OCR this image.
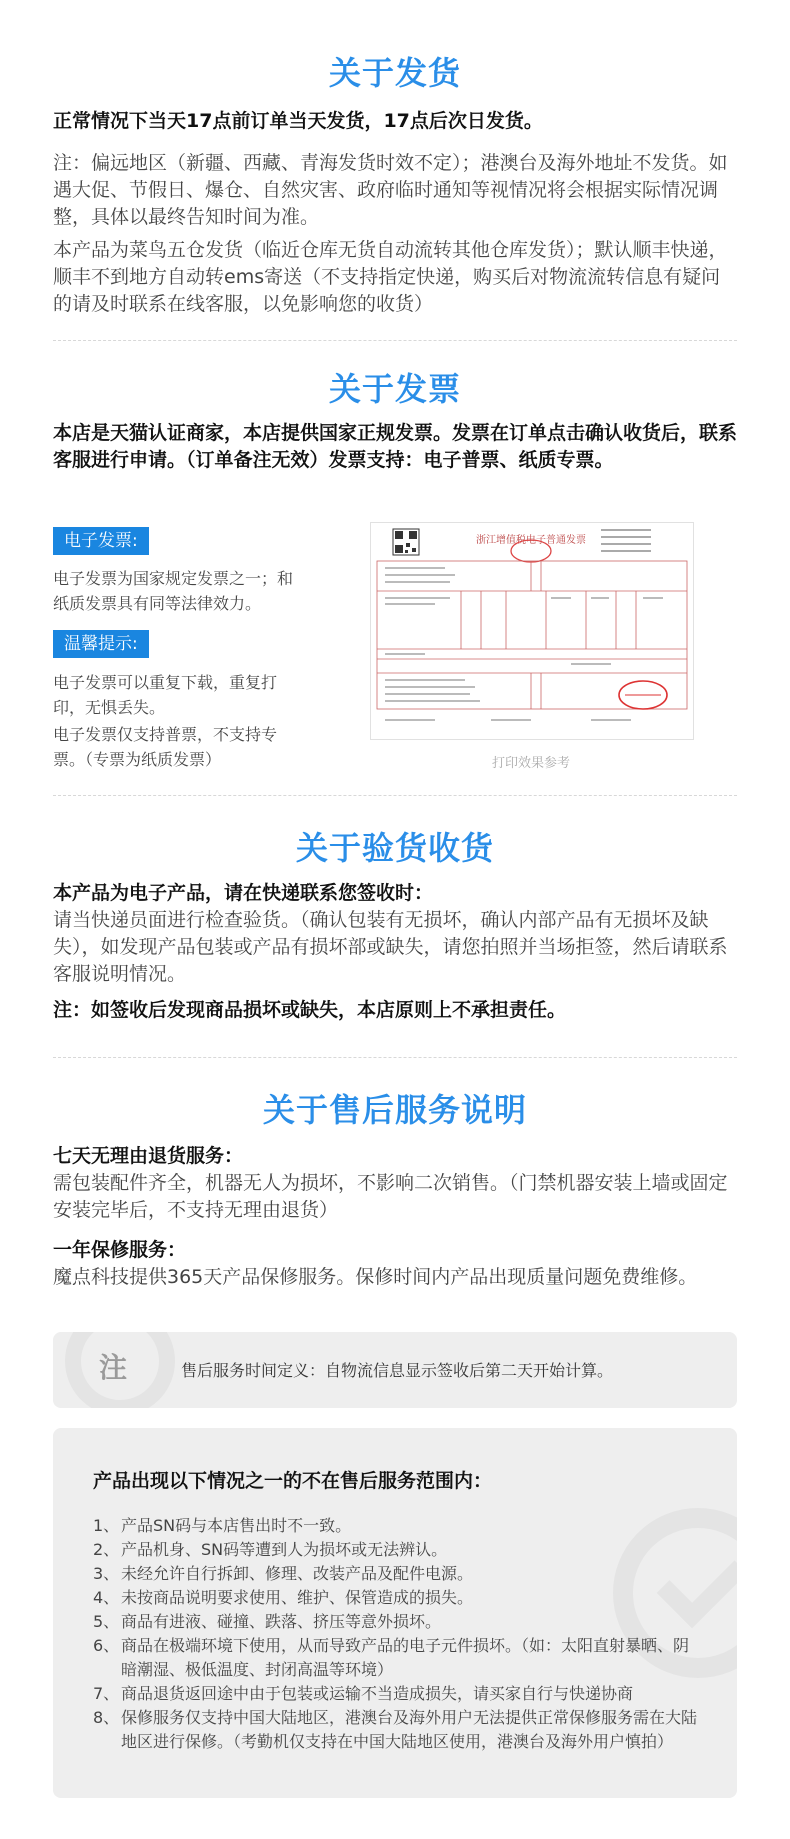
关于发货
正常情况下当天17点前订单当天发货，17点后次日发货。
注：偏远地区（新疆、西藏、青海发货时效不定）；港澳台及海外地址不发货。如遇大促、节假日、爆仓、自然灾害、政府临时通知等视情况将会根据实际情况调整，具体以最终告知时间为准。
本产品为菜鸟五仓发货（临近仓库无货自动流转其他仓库发货）；默认顺丰快递，顺丰不到地方自动转ems寄送（不支持指定快递，购买后对物流流转信息有疑问的请及时联系在线客服，以免影响您的收货）
关于发票
本店是天猫认证商家，本店提供国家正规发票。发票在订单点击确认收货后，联系客服进行申请。（订单备注无效）发票支持：电子普票、纸质专票。
电子发票:
电子发票为国家规定发票之一；和纸质发票具有同等法律效力。
温馨提示:
电子发票可以重复下载，重复打印，无惧丢失。
电子发票仅支持普票，不支持专票。（专票为纸质发票）
浙江增值税电子普通发票
打印效果参考
关于验货收货
本产品为电子产品，请在快递联系您签收时：
请当快递员面进行检查验货。（确认包装有无损坏，确认内部产品有无损坏及缺失），如发现产品包装或产品有损坏部或缺失，请您拍照并当场拒签，然后请联系客服说明情况。
注：如签收后发现商品损坏或缺失，本店原则上不承担责任。
关于售后服务说明
七天无理由退货服务：
需包装配件齐全，机器无人为损坏，不影响二次销售。（门禁机器安装上墙或固定安装完毕后，不支持无理由退货）
一年保修服务：
魔点科技提供365天产品保修服务。保修时间内产品出现质量问题免费维修。
注	售后服务时间定义：自物流信息显示签收后第二天开始计算。
产品出现以下情况之一的不在售后服务范围内：
1、 产品SN码与本店售出时不一致。
2、 产品机身、SN码等遭到人为损坏或无法辨认。
3、 未经允许自行拆卸、修理、改装产品及配件电源。
4、 未按商品说明要求使用、维护、保管造成的损失。
5、 商品有进液、碰撞、跌落、挤压等意外损坏。
6、 商品在极端环境下使用，从而导致产品的电子元件损坏。（如：太阳直射暴晒、阴暗潮湿、极低温度、封闭高温等环境）
7、 商品退货返回途中由于包装或运输不当造成损失，请买家自行与快递协商
8、 保修服务仅支持中国大陆地区，港澳台及海外用户无法提供正常保修服务需在大陆地区进行保修。（考勤机仅支持在中国大陆地区使用，港澳台及海外用户慎拍）
